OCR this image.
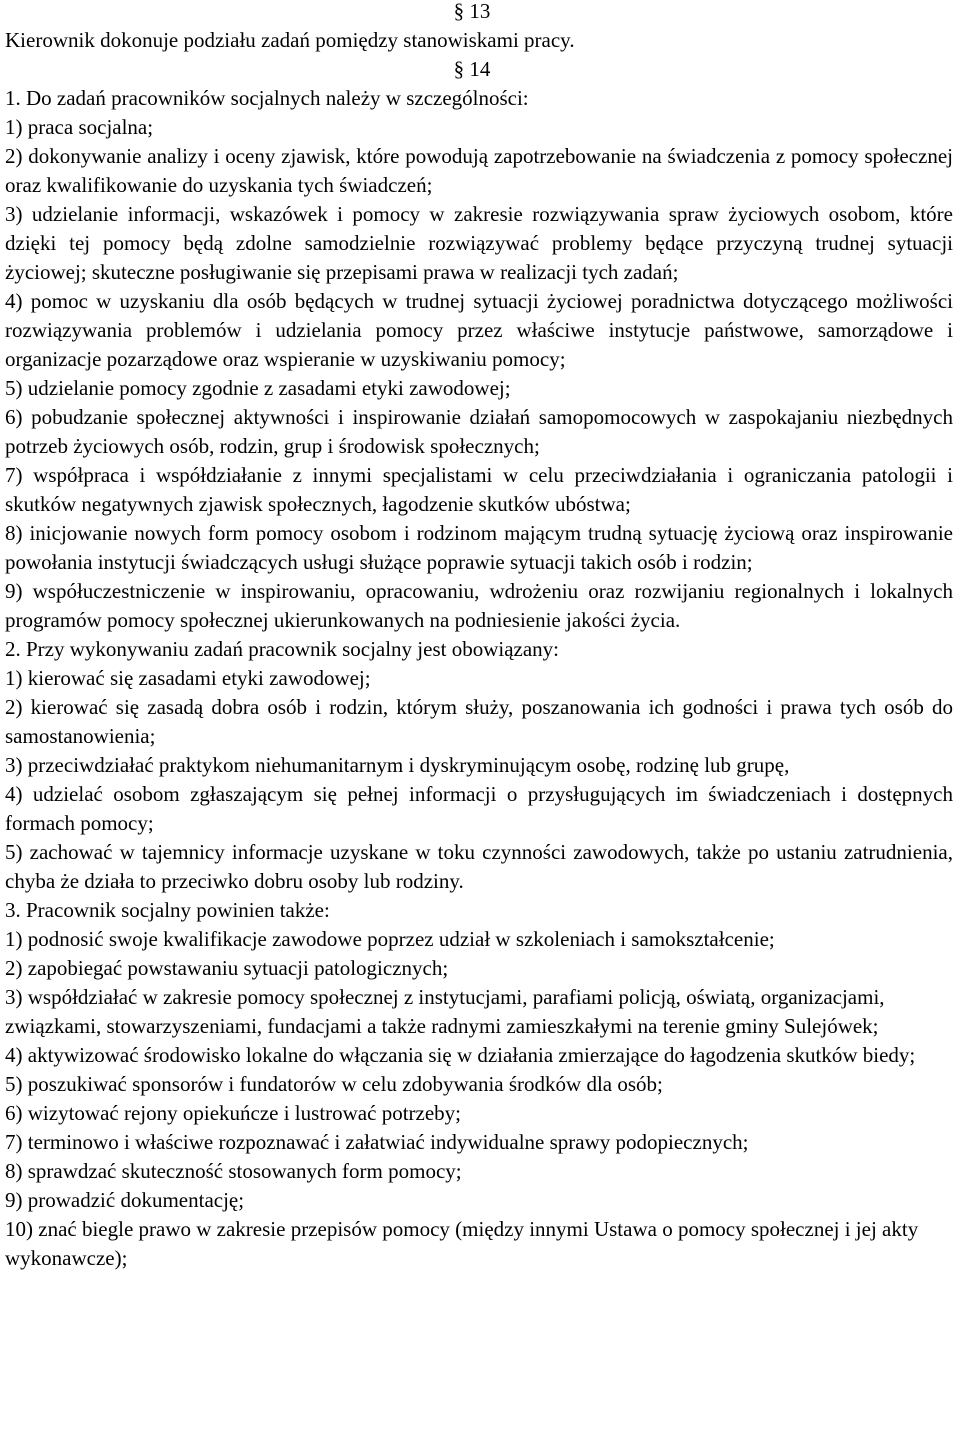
§ 13

Kierownik dokonuje podziału zadań pomiędzy stanowiskami pracy.

§ 14

1. Do zadań pracowników socjalnych należy w szczególności:

1) praca socjalna;

2) dokonywanie analizy i oceny zjawisk, które powodują zapotrzebowanie na świadczenia z pomocy społecznej oraz kwalifikowanie do uzyskania tych świadczeń;

3) udzielanie informacji, wskazówek i pomocy w zakresie rozwiązywania spraw życiowych osobom, które dzięki tej pomocy będą zdolne samodzielnie rozwiązywać problemy będące przyczyną trudnej sytuacji życiowej; skuteczne posługiwanie się przepisami prawa w realizacji tych zadań;

4) pomoc w uzyskaniu dla osób będących w trudnej sytuacji życiowej poradnictwa dotyczącego możliwości rozwiązywania problemów i udzielania pomocy przez właściwe instytucje państwowe, samorządowe i organizacje pozarządowe oraz wspieranie w uzyskiwaniu pomocy;

5) udzielanie pomocy zgodnie z zasadami etyki zawodowej;

6) pobudzanie społecznej aktywności i inspirowanie działań samopomocowych w zaspokajaniu niezbędnych potrzeb życiowych osób, rodzin, grup i środowisk społecznych;

7) współpraca i współdziałanie z innymi specjalistami w celu przeciwdziałania i ograniczania patologii i skutków negatywnych zjawisk społecznych, łagodzenie skutków ubóstwa;

8) inicjowanie nowych form pomocy osobom i rodzinom mającym trudną sytuację życiową oraz inspirowanie powołania instytucji świadczących usługi służące poprawie sytuacji takich osób i rodzin;

9) współuczestniczenie w inspirowaniu, opracowaniu, wdrożeniu oraz rozwijaniu regionalnych i lokalnych programów pomocy społecznej ukierunkowanych na podniesienie jakości życia.

2. Przy wykonywaniu zadań pracownik socjalny jest obowiązany:

1) kierować się zasadami etyki zawodowej;

2) kierować się zasadą dobra osób i rodzin, którym służy, poszanowania ich godności i prawa tych osób do samostanowienia;

3) przeciwdziałać praktykom niehumanitarnym i dyskryminującym osobę, rodzinę lub grupę,

4) udzielać osobom zgłaszającym się pełnej informacji o przysługujących im świadczeniach i dostępnych formach pomocy;

5) zachować w tajemnicy informacje uzyskane w toku czynności zawodowych, także po ustaniu zatrudnienia, chyba że działa to przeciwko dobru osoby lub rodziny.

3. Pracownik socjalny powinien także:

1) podnosić swoje kwalifikacje zawodowe poprzez udział w szkoleniach i samokształcenie;

2) zapobiegać powstawaniu sytuacji patologicznych;

3) współdziałać w zakresie pomocy społecznej z instytucjami, parafiami policją, oświatą, organizacjami, związkami, stowarzyszeniami, fundacjami a także radnymi zamieszkałymi na terenie gminy Sulejówek;

4) aktywizować środowisko lokalne do włączania się w działania zmierzające do łagodzenia skutków biedy;

5) poszukiwać sponsorów i fundatorów w celu zdobywania środków dla osób;

6) wizytować rejony opiekuńcze i lustrować potrzeby;

7) terminowo i właściwe rozpoznawać i załatwiać indywidualne sprawy podopiecznych;

8) sprawdzać skuteczność stosowanych form pomocy;

9) prowadzić dokumentację;

10) znać biegle prawo w zakresie przepisów pomocy (między innymi Ustawa o pomocy społecznej i jej akty wykonawcze);
